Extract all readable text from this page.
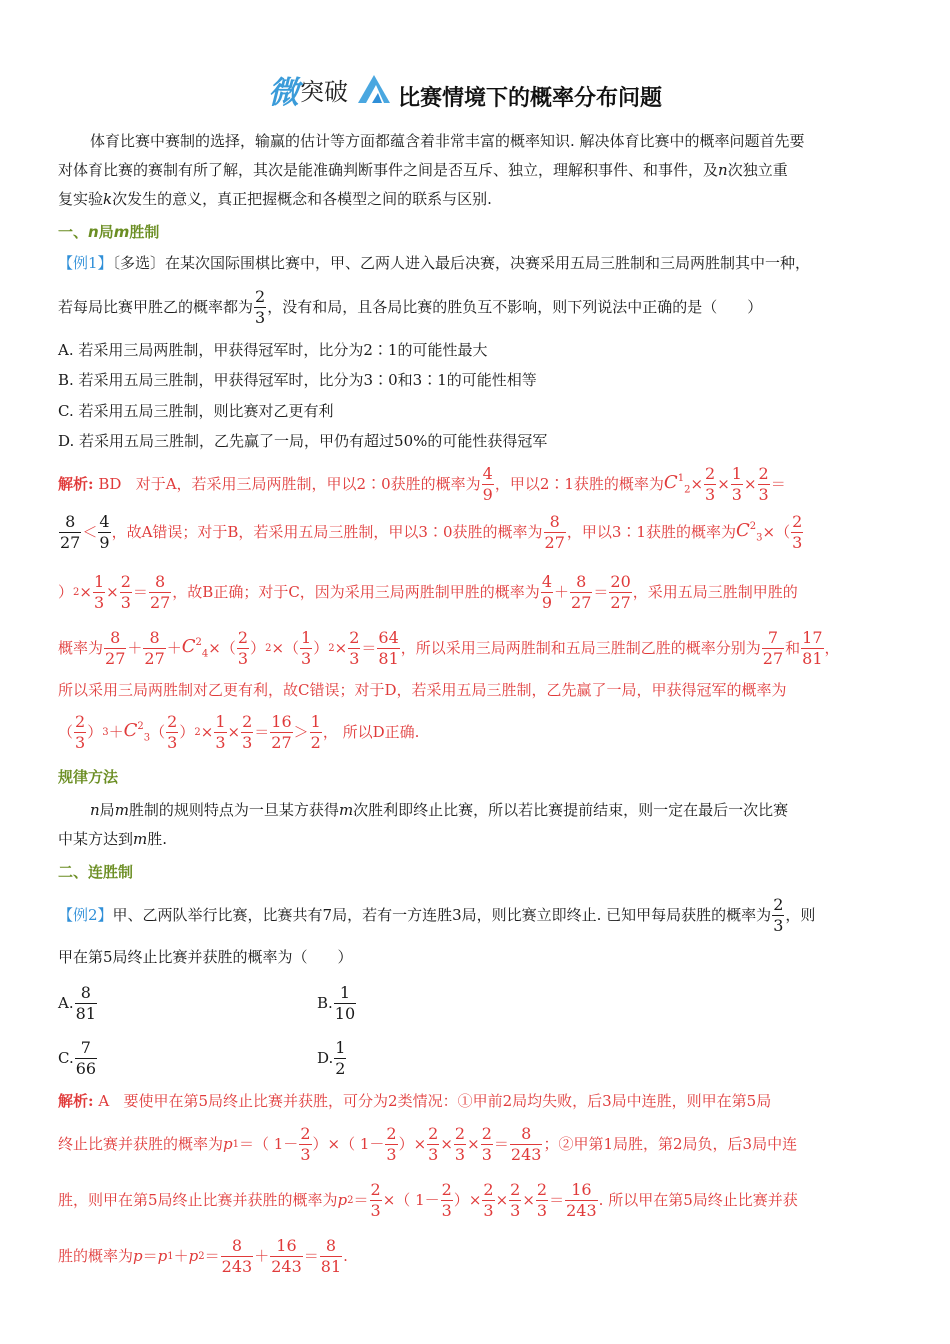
微 突破 比赛情境下的概率分布问题
体育比赛中赛制的选择，输赢的估计等方面都蕴含着非常丰富的概率知识. 解决体育比赛中的概率问题首先要
对体育比赛的赛制有所了解，其次是能准确判断事件之间是否互斥、独立，理解积事件、和事件，及n次独立重
复实验k次发生的意义，真正把握概念和各模型之间的联系与区别.
一、n局m胜制
【例1】〔多选〕在某次国际围棋比赛中，甲、乙两人进入最后决赛，决赛采用五局三胜制和三局两胜制其中一种，
若每局比赛甲胜乙的概率都为
2
3
，没有和局，且各局比赛的胜负互不影响，则下列说法中正确的是（　　）
A. 若采用三局两胜制，甲获得冠军时，比分为2∶1的可能性最大
B. 若采用五局三胜制，甲获得冠军时，比分为3∶0和3∶1的可能性相等
C. 若采用五局三胜制，则比赛对乙更有利
D. 若采用五局三胜制，乙先赢了一局，甲仍有超过50%的可能性获得冠军
解析:
BD
对于A，若采用三局两胜制，甲以2∶0获胜的概率为
4
9
，甲以2∶1获胜的概率为 $C^1_2$ ×
2
3
×
1
3
×
2
3
＝
8
27
＜
4
9
，故A错误；对于B，若采用五局三胜制，甲以3∶0获胜的概率为
8
27
，甲以3∶1获胜的概率为 $C^2_3$ ×（
2
3
） 2 ×
1
3
×
2
3
＝
8
27
，故B正确；对于C，因为采用三局两胜制甲胜的概率为
4
9
＋
8
27
＝
20
27
，采用五局三胜制甲胜的
概率为
8
27
＋
8
27
＋ $C^2_4$ ×（
2
3
） 2 ×（
1
3
） 2 ×
2
3
＝
64
81
，所以采用三局两胜制和五局三胜制乙胜的概率分别为
7
27
和
17
81
，
所以采用三局两胜制对乙更有利，故C错误；对于D，若采用五局三胜制，乙先赢了一局，甲获得冠军的概率为
（
2
3
） $3 + C^2_3$ （
2
3
） 2 ×
1
3
×
2
3
＝
16
27
＞
1
2
， 所以D正确.
规律方法
n局m胜制的规则特点为一旦某方获得m次胜利即终止比赛，所以若比赛提前结束，则一定在最后一次比赛
中某方达到m胜.
二、连胜制
【例2】 甲、乙两队举行比赛，比赛共有7局，若有一方连胜3局，则比赛立即终止. 已知甲每局获胜的概率为
2
3
，则
甲在第5局终止比赛并获胜的概率为（　　）
A.
8
81
B.
1
10
C.
7
66
D.
1
2
解析: A 要使甲在第5局终止比赛并获胜，可分为2类情况：①甲前2局均失败，后3局中连胜，则甲在第5局
终止比赛并获胜的概率为 p 1 ＝（ 1－
2
3
）×（ 1－
2
3
）×
2
3
×
2
3
×
2
3
＝
8
243
；②甲第1局胜，第2局负，后3局中连
胜，则甲在第5局终止比赛并获胜的概率为 p 2 ＝
2
3
×（ 1－
2
3
）×
2
3
×
2
3
×
2
3
＝
16
243
. 所以甲在第5局终止比赛并获
胜的概率为 p ＝ p 1 ＋ p 2 ＝
8
243
＋
16
243
＝
8
81
.
